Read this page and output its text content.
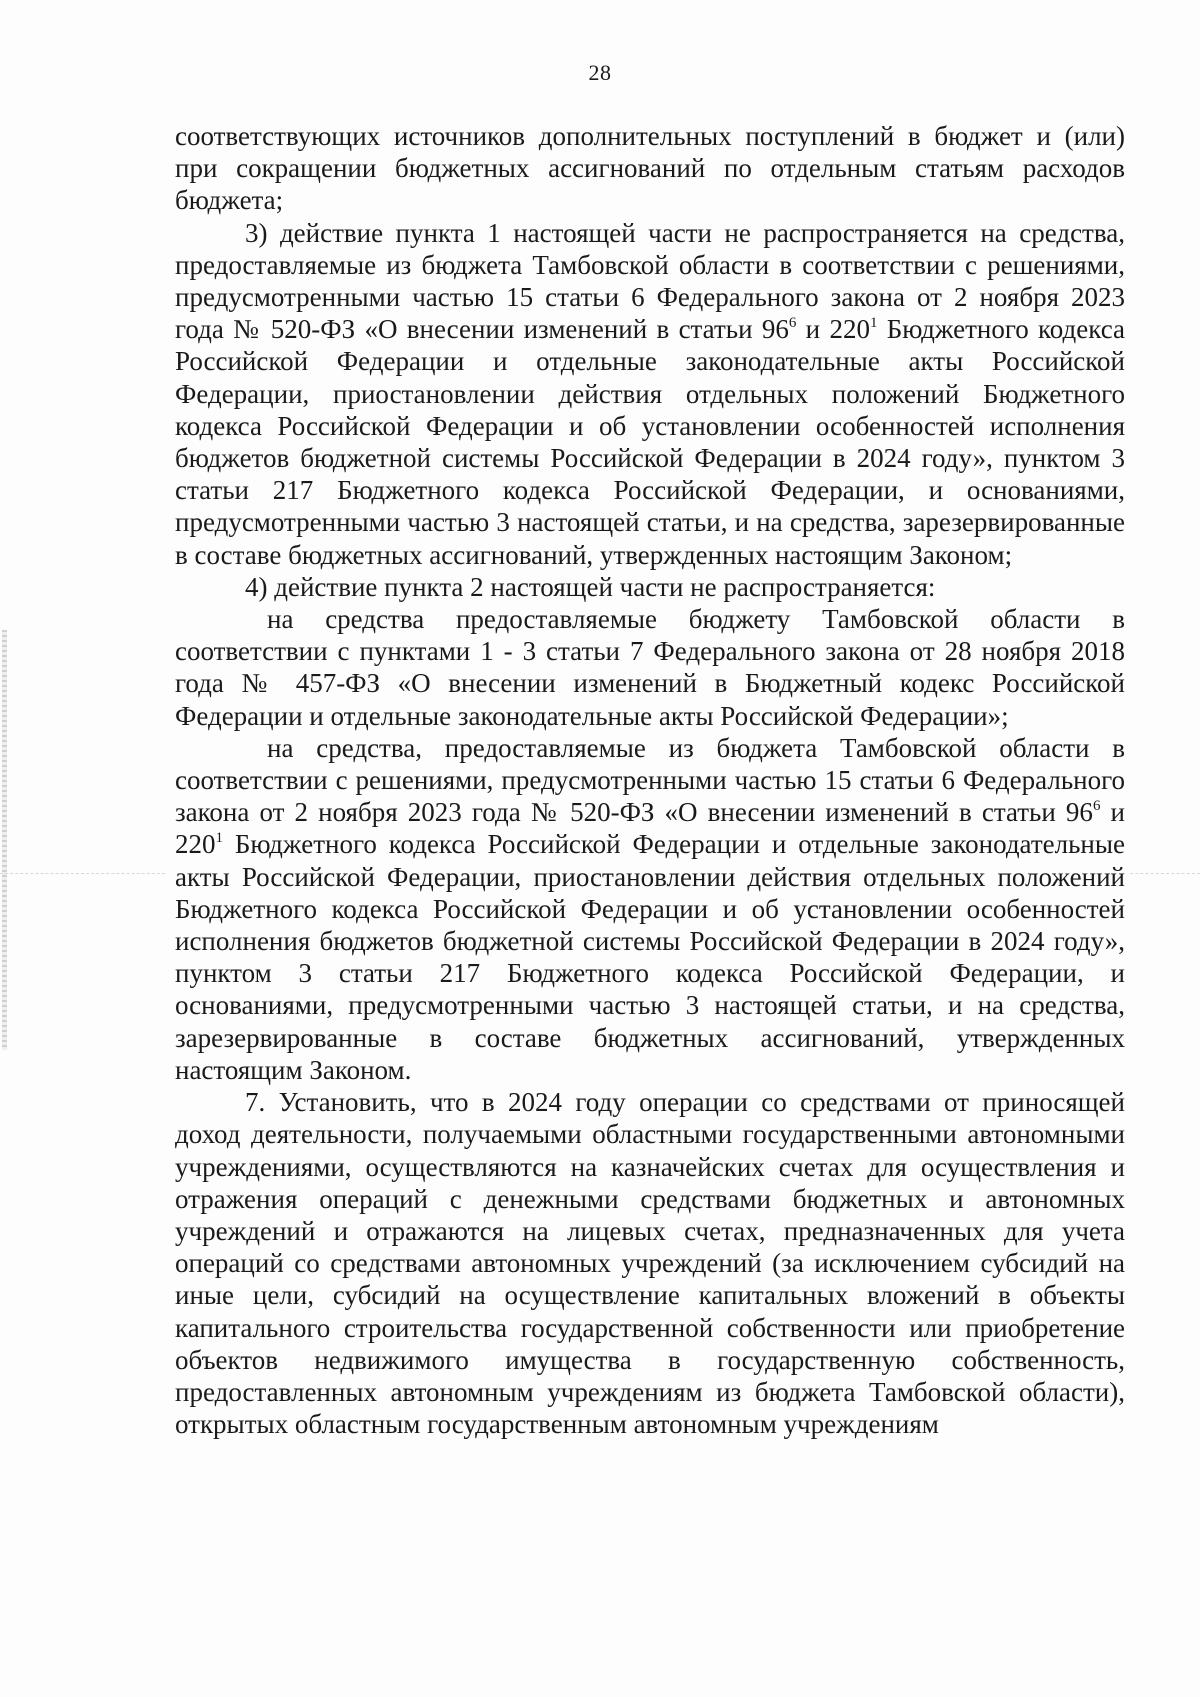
28

соответствующих источников дополнительных поступлений в бюджет и (или) при сокращении бюджетных ассигнований по отдельным статьям расходов бюджета;

3) действие пункта 1 настоящей части не распространяется на средства, предоставляемые из бюджета Тамбовской области в соответствии с решениями, предусмотренными частью 15 статьи 6 Федерального закона от 2 ноября 2023 года № 520-ФЗ «О внесении изменений в статьи $96^6$ и $220^1$ Бюджетного кодекса Российской Федерации и отдельные законодательные акты Российской Федерации, приостановлении действия отдельных положений Бюджетного кодекса Российской Федерации и об установлении особенностей исполнения бюджетов бюджетной системы Российской Федерации в 2024 году», пунктом 3 статьи 217 Бюджетного кодекса Российской Федерации, и основаниями, предусмотренными частью 3 настоящей статьи, и на средства, зарезервированные в составе бюджетных ассигнований, утвержденных настоящим Законом;

4) действие пункта 2 настоящей части не распространяется:

на средства предоставляемые бюджету Тамбовской области в соответствии с пунктами 1 - 3 статьи 7 Федерального закона от 28 ноября 2018 года № 457-ФЗ «О внесении изменений в Бюджетный кодекс Российской Федерации и отдельные законодательные акты Российской Федерации»;

на средства, предоставляемые из бюджета Тамбовской области в соответствии с решениями, предусмотренными частью 15 статьи 6 Федерального закона от 2 ноября 2023 года № 520-ФЗ «О внесении изменений в статьи $96^6$ и $220^1$ Бюджетного кодекса Российской Федерации и отдельные законодательные акты Российской Федерации, приостановлении действия отдельных положений Бюджетного кодекса Российской Федерации и об установлении особенностей исполнения бюджетов бюджетной системы Российской Федерации в 2024 году», пунктом 3 статьи 217 Бюджетного кодекса Российской Федерации, и основаниями, предусмотренными частью 3 настоящей статьи, и на средства, зарезервированные в составе бюджетных ассигнований, утвержденных настоящим Законом.

7. Установить, что в 2024 году операции со средствами от приносящей доход деятельности, получаемыми областными государственными автономными учреждениями, осуществляются на казначейских счетах для осуществления и отражения операций с денежными средствами бюджетных и автономных учреждений и отражаются на лицевых счетах, предназначенных для учета операций со средствами автономных учреждений (за исключением субсидий на иные цели, субсидий на осуществление капитальных вложений в объекты капитального строительства государственной собственности или приобретение объектов недвижимого имущества в государственную собственность, предоставленных автономным учреждениям из бюджета Тамбовской области), открытых областным государственным автономным учреждениям
